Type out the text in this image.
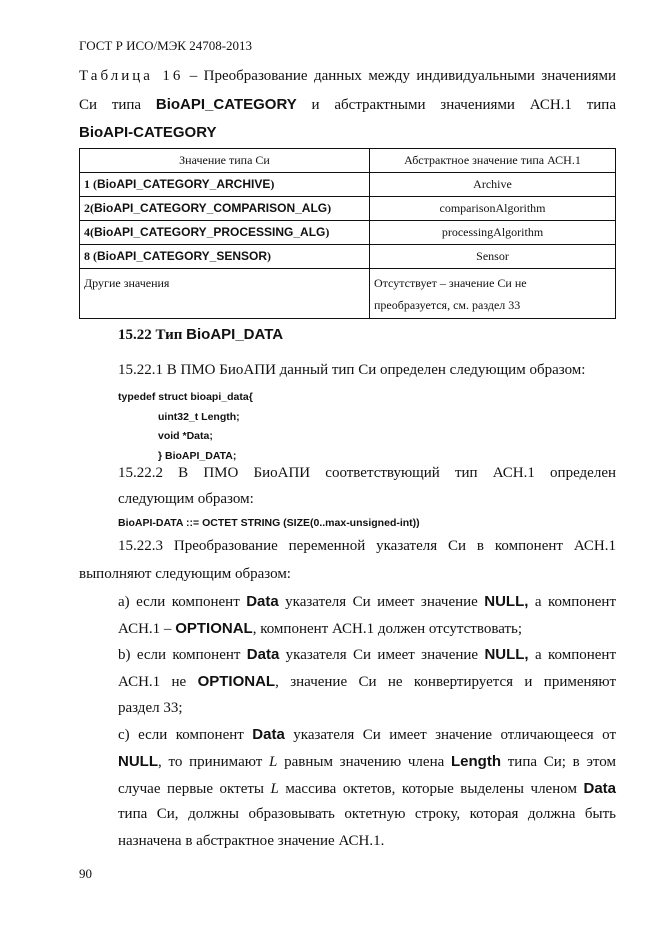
ГОСТ Р ИСО/МЭК 24708-2013
Таблица 16 – Преобразование данных между индивидуальными значениями
Си типа BioAPI_CATEGORY и абстрактными значениями АСН.1 типа
BioAPI-CATEGORY
Значение типа Си	Абстрактное значение типа АСН.1
1 (BioAPI_CATEGORY_ARCHIVE)	Archive
2(BioAPI_CATEGORY_COMPARISON_ALG)	comparisonAlgorithm
4(BioAPI_CATEGORY_PROCESSING_ALG)	processingAlgorithm
8 (BioAPI_CATEGORY_SENSOR)	Sensor
Другие значения	Отсутствует – значение Си не
преобразуется, см. раздел 33
15.22 Тип BioAPI_DATA
15.22.1 В ПМО БиоАПИ данный тип Си определен следующим образом:
typedef struct bioapi_data{
uint32_t Length;
void *Data;
} BioAPI_DATA;
15.22.2 В ПМО БиоАПИ соответствующий тип АСН.1 определен
следующим образом:
BioAPI-DATA ::= OCTET STRING (SIZE(0..max-unsigned-int))
15.22.3 Преобразование переменной указателя Си в компонент АСН.1
выполняют следующим образом:
а) если компонент Data указателя Си имеет значение NULL, а компонент
АСН.1 – OPTIONAL, компонент АСН.1 должен отсутствовать;
b) если компонент Data указателя Си имеет значение NULL, а компонент
АСН.1 не OPTIONAL, значение Си не конвертируется и применяют
раздел 33;
с) если компонент Data указателя Си имеет значение отличающееся от
NULL, то принимают L равным значению члена Length типа Си; в этом
случае первые октеты L массива октетов, которые выделены членом Data
типа Си, должны образовывать октетную строку, которая должна быть
назначена в абстрактное значение АСН.1.
90
